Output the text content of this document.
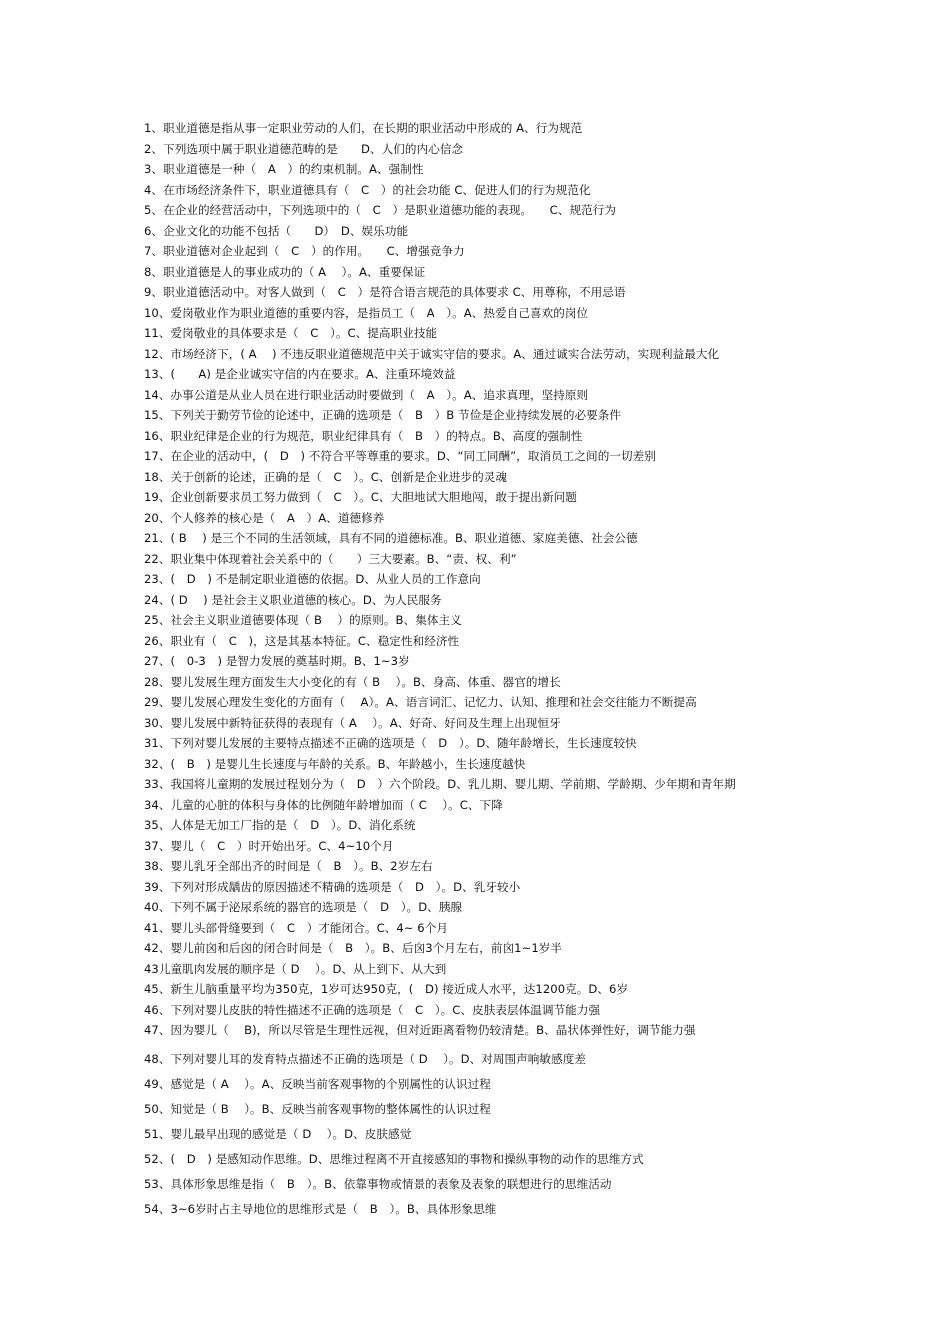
1、职业道德是指从事一定职业劳动的人们，在长期的职业活动中形成的 A、行为规范
2、下列选项中属于职业道德范畴的是　　D、人们的内心信念
3、职业道德是一种（　A　）的约束机制。A、强制性
4、在市场经济条件下，职业道德具有（　C　）的社会功能 C、促进人们的行为规范化
5、在企业的经营活动中，下列选项中的（　C　）是职业道德功能的表现。　　C、规范行为
6、企业文化的功能不包括（　　D）　D、娱乐功能
7、职业道德对企业起到（　C　）的作用。　　C、增强竞争力
8、职业道德是人的事业成功的（ A　 ）。A、重要保证
9、职业道德活动中。对客人做到（　C　）是符合语言规范的具体要求 C、用尊称，不用忌语
10、爱岗敬业作为职业道德的重要内容，是指员工（　A　）。A、热爱自己喜欢的岗位
11、爱岗敬业的具体要求是（　C　）。C、提高职业技能
12、市场经济下，( A　 ) 不违反职业道德规范中关于诚实守信的要求。A、通过诚实合法劳动，实现利益最大化
13、(　　A) 是企业诚实守信的内在要求。A、注重环境效益
14、办事公道是从业人员在进行职业活动时要做到（　A　）。A、追求真理，坚持原则
15、下列关于勤劳节俭的论述中，正确的选项是（　B　）B 节俭是企业持续发展的必要条件
16、职业纪律是企业的行为规范，职业纪律具有（　B　）的特点。B、高度的强制性
17、在企业的活动中，(　D　) 不符合平等尊重的要求。D、“同工同酬”，取消员工之间的一切差别
18、关于创新的论述，正确的是（　C　）。C、创新是企业进步的灵魂
19、企业创新要求员工努力做到（　C　）。C、大胆地试大胆地闯，敢于提出新问题
20、个人修养的核心是（　A　）A、道德修养
21、( B　 ) 是三个不同的生活领域，具有不同的道德标准。B、职业道德、家庭美德、社会公德
22、职业集中体现着社会关系中的（　　）三大要素。B、“责、权、利”
23、(　D　) 不是制定职业道德的依据。D、从业人员的工作意向
24、( D　 ) 是社会主义职业道德的核心。D、为人民服务
25、社会主义职业道德要体现（ B　 ）的原则。B、集体主义
26、职业有（　C　)，这是其基本特征。C、稳定性和经济性
27、(　0-3　) 是智力发展的奠基时期。B、1~3岁
28、婴儿发展生理方面发生大小变化的有（ B　 ）。B、身高、体重、器官的增长
29、婴儿发展心理发生变化的方面有（　 A）。A、语言词汇、记忆力、认知、推理和社会交往能力不断提高
30、婴儿发展中新特征获得的表现有（ A　 ）。A、好奇、好问及生理上出现恒牙
31、下列对婴儿发展的主要特点描述不正确的选项是（　D　）。D、随年龄增长，生长速度较快
32、(　B　) 是婴儿生长速度与年龄的关系。B、年龄越小，生长速度越快
33、我国将儿童期的发展过程划分为（　D　）六个阶段。D、乳儿期、婴儿期、学前期、学龄期、少年期和青年期
34、儿童的心脏的体积与身体的比例随年龄增加而（ C　 ）。C、下降
35、人体是无加工厂指的是（　D　）。D、消化系统
37、婴儿（　C　）时开始出牙。C、4~10个月
38、婴儿乳牙全部出齐的时间是（　B　）。B、2岁左右
39、下列对形成龋齿的原因描述不精确的选项是（　D　）。D、乳牙较小
40、下列不属于泌尿系统的器官的选项是（　D　）。D、胰腺
41、婴儿头部骨缝要到（　C　）才能闭合。C、4~ 6个月
42、婴儿前囟和后囟的闭合时间是（　B　）。B、后囟3个月左右，前囟1~1岁半
43儿童肌肉发展的顺序是（ D　 ）。D、从上到下、从大到
45、新生儿脑重量平均为350克，1岁可达950克，(　D) 接近成人水平，达1200克。D、6岁
46、下列对婴儿皮肤的特性描述不正确的选项是（　C　）。C、皮肤表层体温调节能力强
47、因为婴儿（　 B)，所以尽管是生理性远视，但对近距离看物仍较清楚。B、晶状体弹性好，调节能力强
48、下列对婴儿耳的发育特点描述不正确的选项是（ D　 ）。D、对周围声响敏感度差
49、感觉是（ A　 ）。A、反映当前客观事物的个别属性的认识过程
50、知觉是（ B　 ）。B、反映当前客观事物的整体属性的认识过程
51、婴儿最早出现的感觉是（ D　 ）。D、皮肤感觉
52、(　D　) 是感知动作思维。D、思维过程离不开直接感知的事物和操纵事物的动作的思维方式
53、具体形象思维是指（　B　）。B、依靠事物或情景的表象及表象的联想进行的思维活动
54、3~6岁时占主导地位的思维形式是（　B　）。B、具体形象思维
